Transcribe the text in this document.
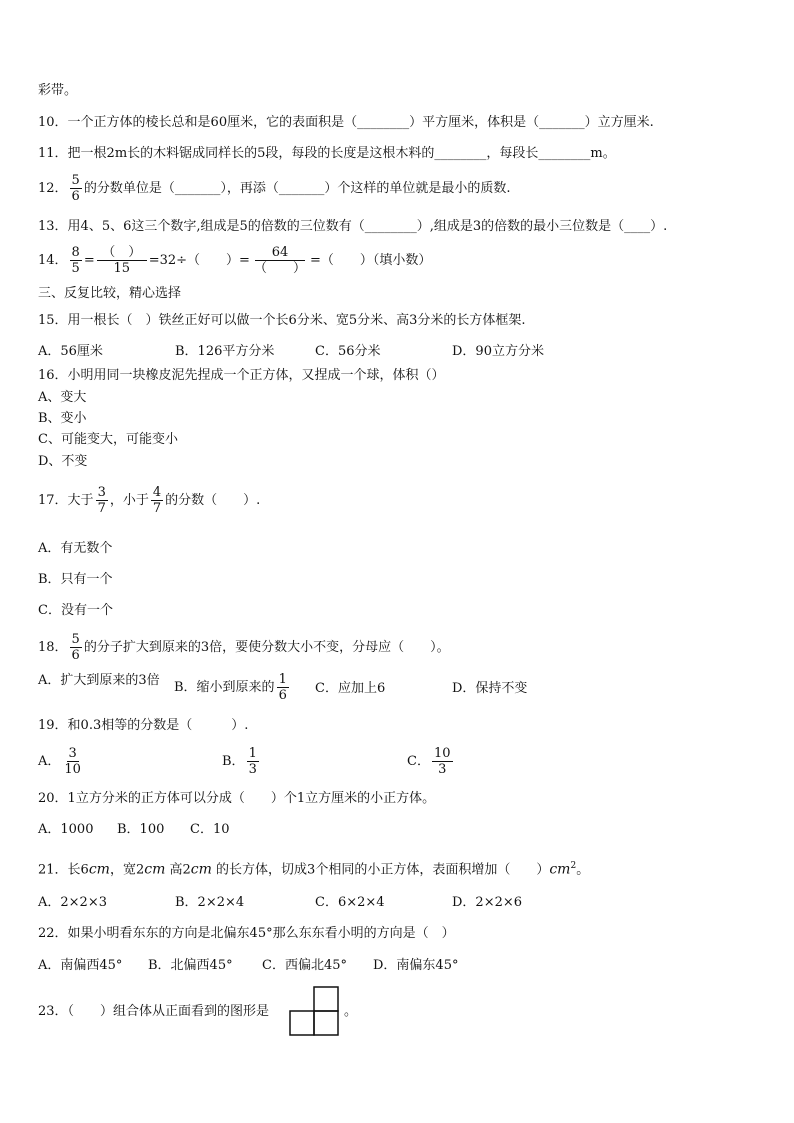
彩带。
10．一个正方体的棱长总和是60厘米，它的表面积是（________）平方厘米，体积是（_______）立方厘米.
11．把一根2m长的木料锯成同样长的5段，每段的长度是这根木料的________，每段长________m。
12． $\frac{5}{6}$ 的分数单位是（_______），再添（_______）个这样的单位就是最小的质数.
13．用4、5、6这三个数字,组成是5的倍数的三位数有（________）,组成是3的倍数的最小三位数是（____）.
14． $\frac{8}{5} = \frac{( )}{15} =32\div$（　　）= $\frac{64}{( )}$ =（　　）（填小数）
三、反复比较，精心选择
15．用一根长（　）铁丝正好可以做一个长6分米、宽5分米、高3分米的长方体框架.
A．56厘米	B．126平方分米	C．56分米	D．90立方分米
16．小明用同一块橡皮泥先捏成一个正方体，又捏成一个球，体积（）
A、变大
B、变小
C、可能变大，可能变小
D、不变
17．大于 $\frac{3}{7}$ ，小于 $\frac{4}{7}$ 的分数（　　）.
A．有无数个
B．只有一个
C．没有一个
18． $\frac{5}{6}$ 的分子扩大到原来的3倍，要使分数大小不变，分母应（　　）。
A．扩大到原来的3倍 B．缩小到原来的 $\frac{1}{6}$ C．应加上6	D．保持不变
19．和0.3相等的分数是（　　　）.
A． $\frac{3}{10}$	B． $\frac{1}{3}$	C． $\frac{10}{3}$
20．1立方分米的正方体可以分成（　　）个1立方厘米的小正方体。
A．1000 B．100 C．10
21．长6cm，宽2cm 高2cm 的长方体，切成3个相同的小正方体，表面积增加（　　）$cm^2$。
A．2×2×3	B．2×2×4	C．6×2×4	D．2×2×6
22．如果小明看东东的方向是北偏东45°那么东东看小明的方向是（　）
A．南偏西45° B．北偏西45° C．西偏北45° D．南偏东45°
23．（　　）组合体从正面看到的图形是	。
